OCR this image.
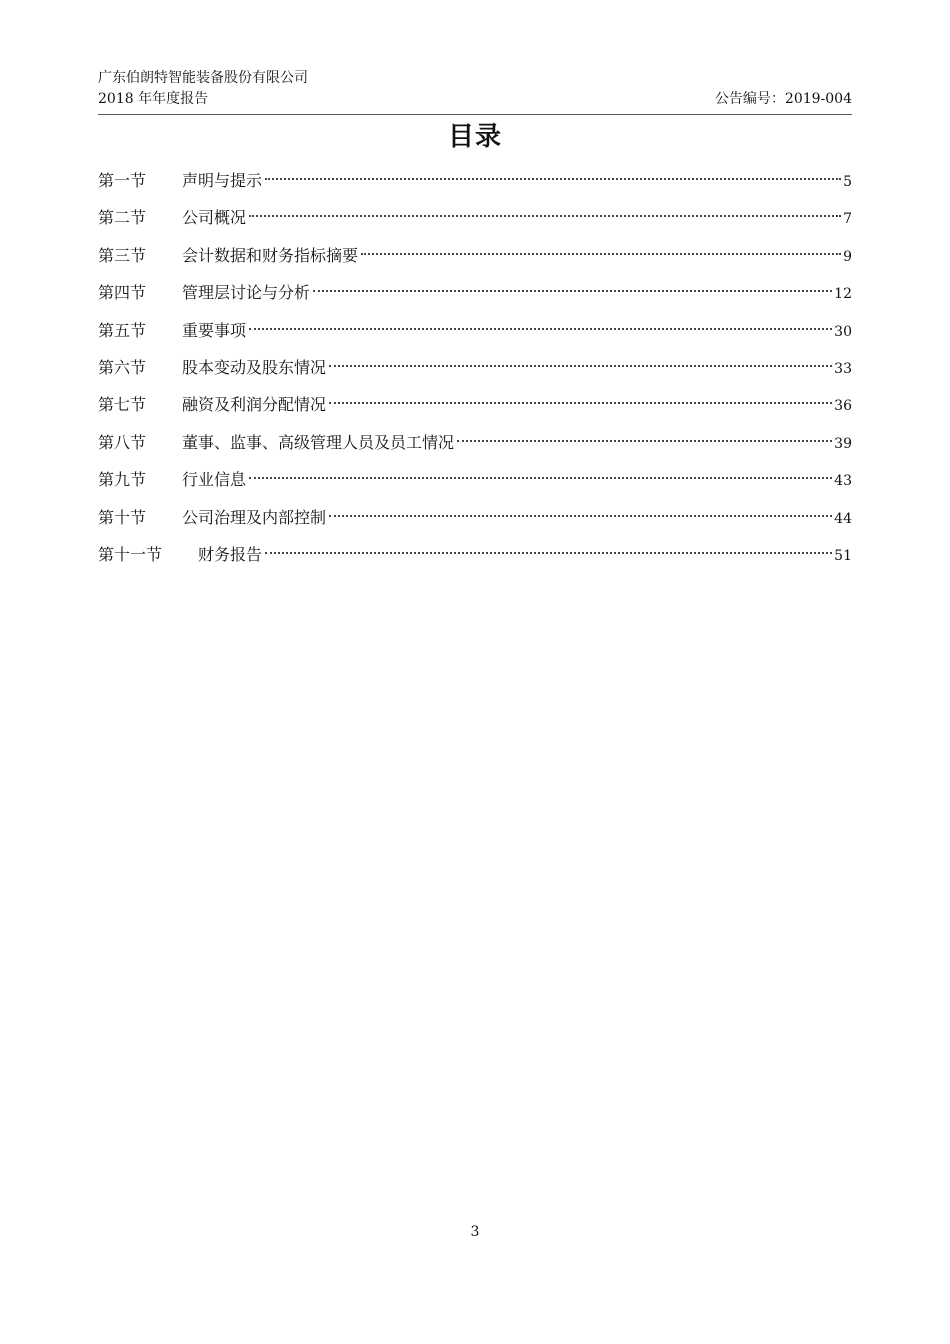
广东伯朗特智能装备股份有限公司
2018 年年度报告	公告编号：2019-004
目录
第一节	声明与提示	5
第二节	公司概况	7
第三节	会计数据和财务指标摘要	9
第四节	管理层讨论与分析	12
第五节	重要事项	30
第六节	股本变动及股东情况	33
第七节	融资及利润分配情况	36
第八节	董事、监事、高级管理人员及员工情况	39
第九节	行业信息	43
第十节	公司治理及内部控制	44
第十一节	财务报告	51
3
